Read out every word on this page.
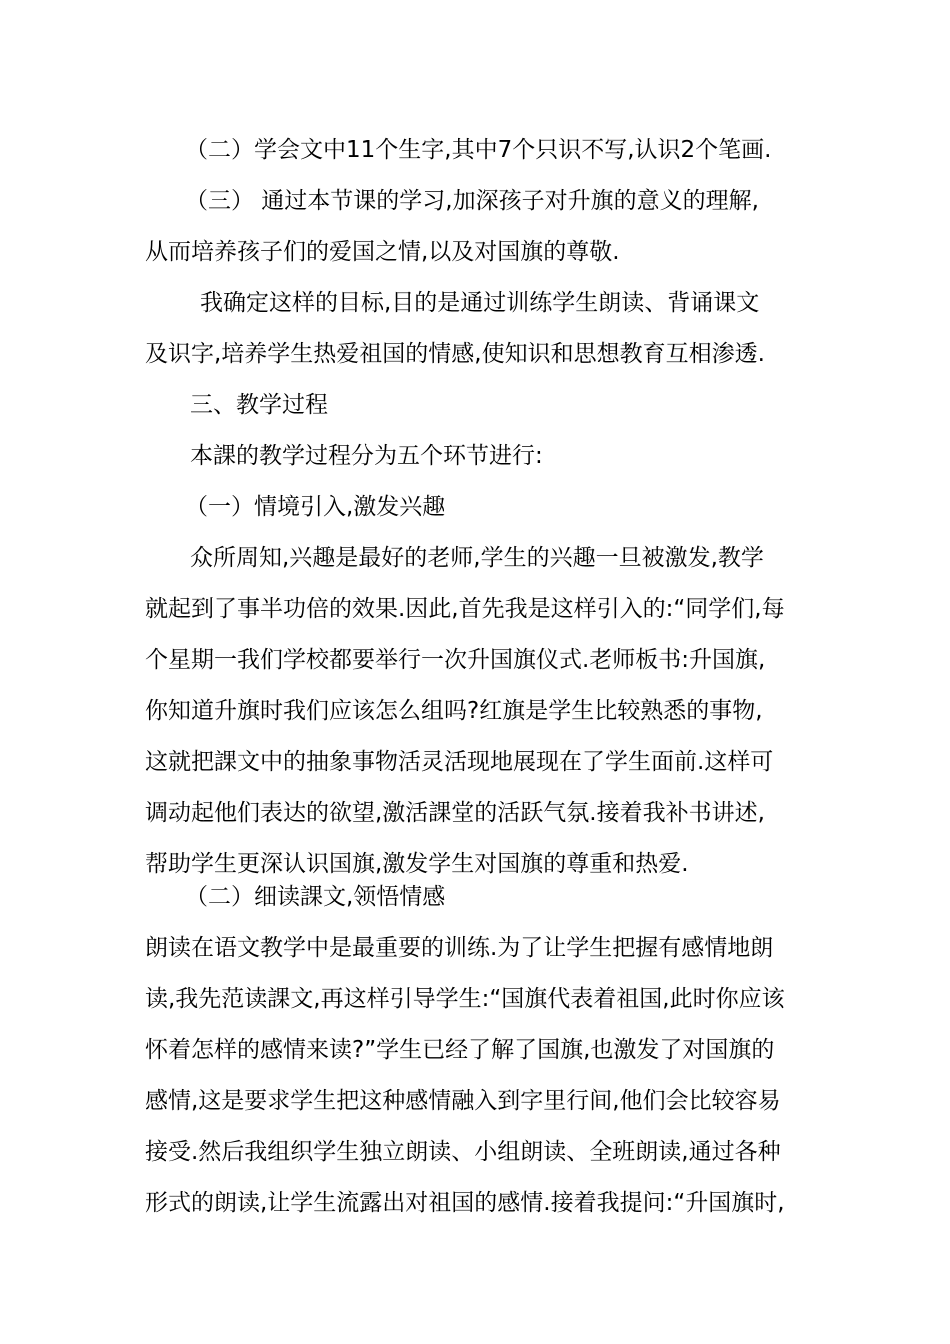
（二）学会文中11个生字,其中7个只识不写,认识2个笔画.
（三） 通过本节课的学习,加深孩子对升旗的意义的理解,
从而培养孩子们的爱国之情,以及对国旗的尊敬.
我确定这样的目标,目的是通过训练学生朗读、背诵课文
及识字,培养学生热爱祖国的情感,使知识和思想教育互相渗透.
三、教学过程
本課的教学过程分为五个环节进行:
（一）情境引入,激发兴趣
众所周知,兴趣是最好的老师,学生的兴趣一旦被激发,教学
就起到了事半功倍的效果.因此,首先我是这样引入的:“同学们,每
个星期一我们学校都要举行一次升国旗仪式.老师板书:升国旗,
你知道升旗时我们应该怎么组吗?红旗是学生比较熟悉的事物,
这就把課文中的抽象事物活灵活现地展现在了学生面前.这样可
调动起他们表达的欲望,激活課堂的活跃气氛.接着我补书讲述,
帮助学生更深认识国旗,激发学生对国旗的尊重和热爱.
（二）细读課文,领悟情感
朗读在语文教学中是最重要的训练.为了让学生把握有感情地朗
读,我先范读課文,再这样引导学生:“国旗代表着祖国,此时你应该
怀着怎样的感情来读?”学生已经了解了国旗,也激发了对国旗的
感情,这是要求学生把这种感情融入到字里行间,他们会比较容易
接受.然后我组织学生独立朗读、小组朗读、全班朗读,通过各种
形式的朗读,让学生流露出对祖国的感情.接着我提问:“升国旗时,
